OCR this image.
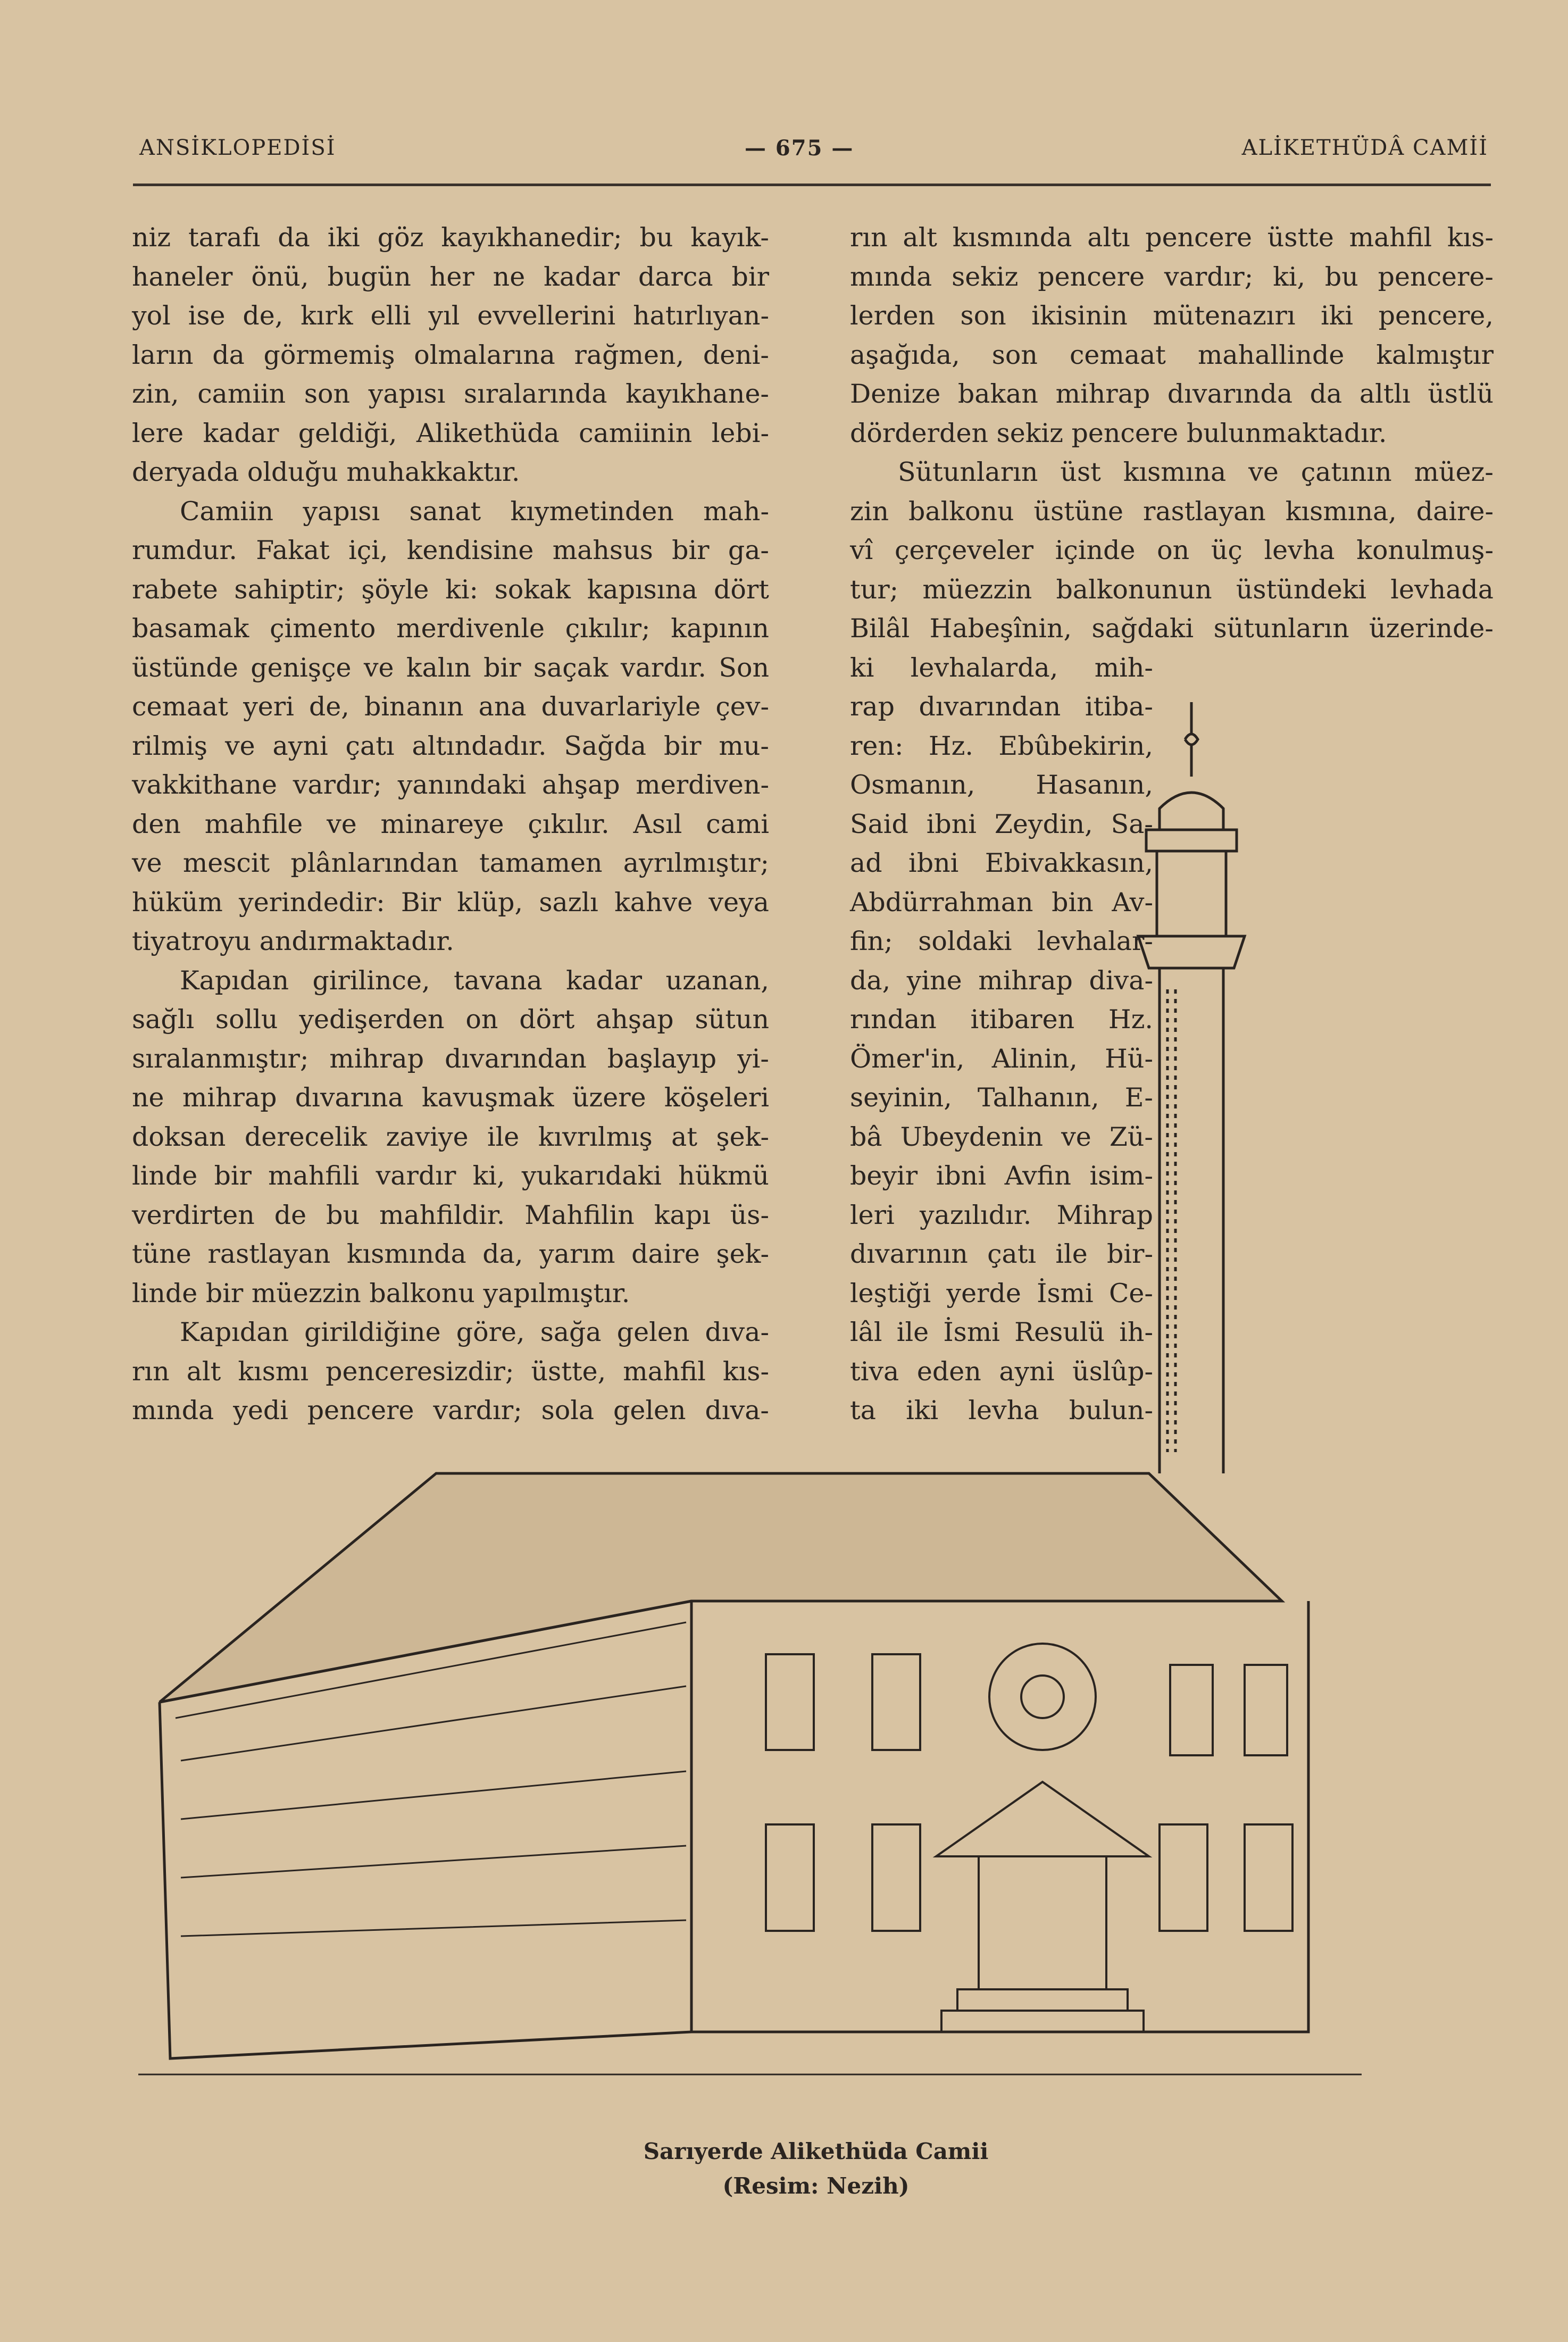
ANSİKLOPEDİSİ	— 675 —	ALİKETHÜDÂ CAMİİ
niz tarafı da iki göz kayıkhanedir; bu kayık-
haneler önü, bugün her ne kadar darca bir
yol ise de, kırk elli yıl evvellerini hatırlıyan-
ların da görmemiş olmalarına rağmen, deni-
zin, camiin son yapısı sıralarında kayıkhane-
lere kadar geldiği, Alikethüda camiinin lebi-
deryada olduğu muhakkaktır.
Camiin yapısı sanat kıymetinden mah-
rumdur. Fakat içi, kendisine mahsus bir ga-
rabete sahiptir; şöyle ki: sokak kapısına dört
basamak çimento merdivenle çıkılır; kapının
üstünde genişçe ve kalın bir saçak vardır. Son
cemaat yeri de, binanın ana duvarlariyle çev-
rilmiş ve ayni çatı altındadır. Sağda bir mu-
vakkithane vardır; yanındaki ahşap merdiven-
den mahfile ve minareye çıkılır. Asıl cami
ve mescit plânlarından tamamen ayrılmıştır;
hüküm yerindedir: Bir klüp, sazlı kahve veya
tiyatroyu andırmaktadır.
Kapıdan girilince, tavana kadar uzanan,
sağlı sollu yedişerden on dört ahşap sütun
sıralanmıştır; mihrap dıvarından başlayıp yi-
ne mihrap dıvarına kavuşmak üzere köşeleri
doksan derecelik zaviye ile kıvrılmış at şek-
linde bir mahfili vardır ki, yukarıdaki hükmü
verdirten de bu mahfildir. Mahfilin kapı üs-
tüne rastlayan kısmında da, yarım daire şek-
linde bir müezzin balkonu yapılmıştır.
Kapıdan girildiğine göre, sağa gelen dıva-
rın alt kısmı penceresizdir; üstte, mahfil kıs-
mında yedi pencere vardır; sola gelen dıva-
rın alt kısmında altı pencere üstte mahfil kıs-
mında sekiz pencere vardır; ki, bu pencere-
lerden son ikisinin mütenazırı iki pencere,
aşağıda, son cemaat mahallinde kalmıştır
Denize bakan mihrap dıvarında da altlı üstlü
dörderden sekiz pencere bulunmaktadır.
Sütunların üst kısmına ve çatının müez-
zin balkonu üstüne rastlayan kısmına, daire-
vî çerçeveler içinde on üç levha konulmuş-
tur; müezzin balkonunun üstündeki levhada
Bilâl Habeşînin, sağdaki sütunların üzerinde-
ki levhalarda, mih-
rap dıvarından itiba-
ren: Hz. Ebûbekirin,
Osmanın, Hasanın,
Said ibni Zeydin, Sa-
ad ibni Ebivakkasın,
Abdürrahman bin Av-
fin; soldaki levhalar-
da, yine mihrap diva-
rından itibaren Hz.
Ömer'in, Alinin, Hü-
seyinin, Talhanın, E-
bâ Ubeydenin ve Zü-
beyir ibni Avfin isim-
leri yazılıdır. Mihrap
dıvarının çatı ile bir-
leştiği yerde İsmi Ce-
lâl ile İsmi Resulü ih-
tiva eden ayni üslûp-
ta iki levha bulun-
Sarıyerde Alikethüda Camii
(Resim: Nezih)
